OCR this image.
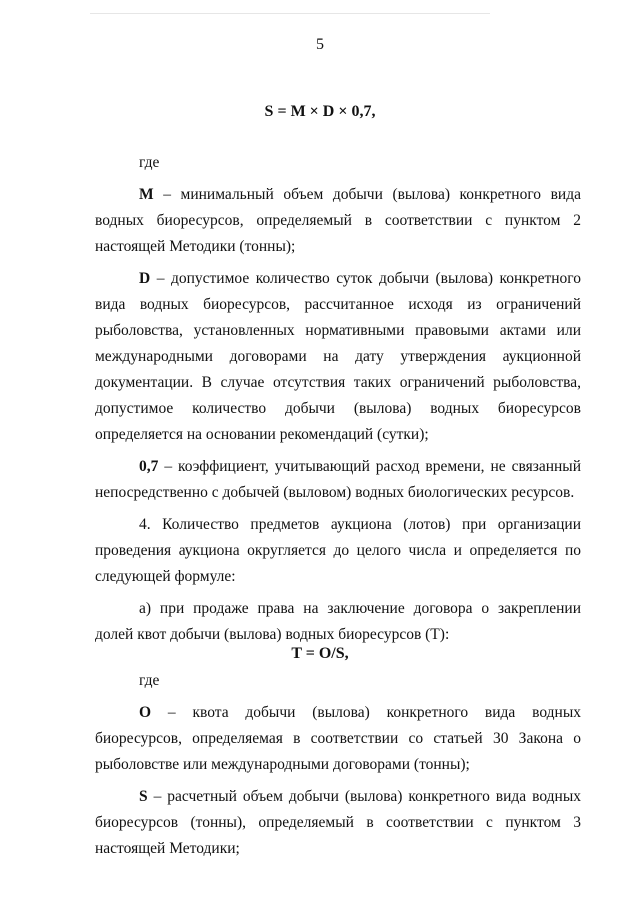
5
S = M × D × 0,7,

где

M – минимальный объем добычи (вылова) конкретного вида водных биоресурсов, определяемый в соответствии с пунктом 2 настоящей Методики (тонны);

D – допустимое количество суток добычи (вылова) конкретного вида водных биоресурсов, рассчитанное исходя из ограничений рыболовства, установленных нормативными правовыми актами или международными договорами на дату утверждения аукционной документации. В случае отсутствия таких ограничений рыболовства, допустимое количество добычи (вылова) водных биоресурсов определяется на основании рекомендаций (сутки);

0,7 – коэффициент, учитывающий расход времени, не связанный непосредственно с добычей (выловом) водных биологических ресурсов.

4. Количество предметов аукциона (лотов) при организации проведения аукциона округляется до целого числа и определяется по следующей формуле:

а) при продаже права на заключение договора о закреплении долей квот добычи (вылова) водных биоресурсов (Т):

T = O/S,

где

O – квота добычи (вылова) конкретного вида водных биоресурсов, определяемая в соответствии со статьей 30 Закона о рыболовстве или международными договорами (тонны);

S – расчетный объем добычи (вылова) конкретного вида водных биоресурсов (тонны), определяемый в соответствии с пунктом 3 настоящей Методики;
